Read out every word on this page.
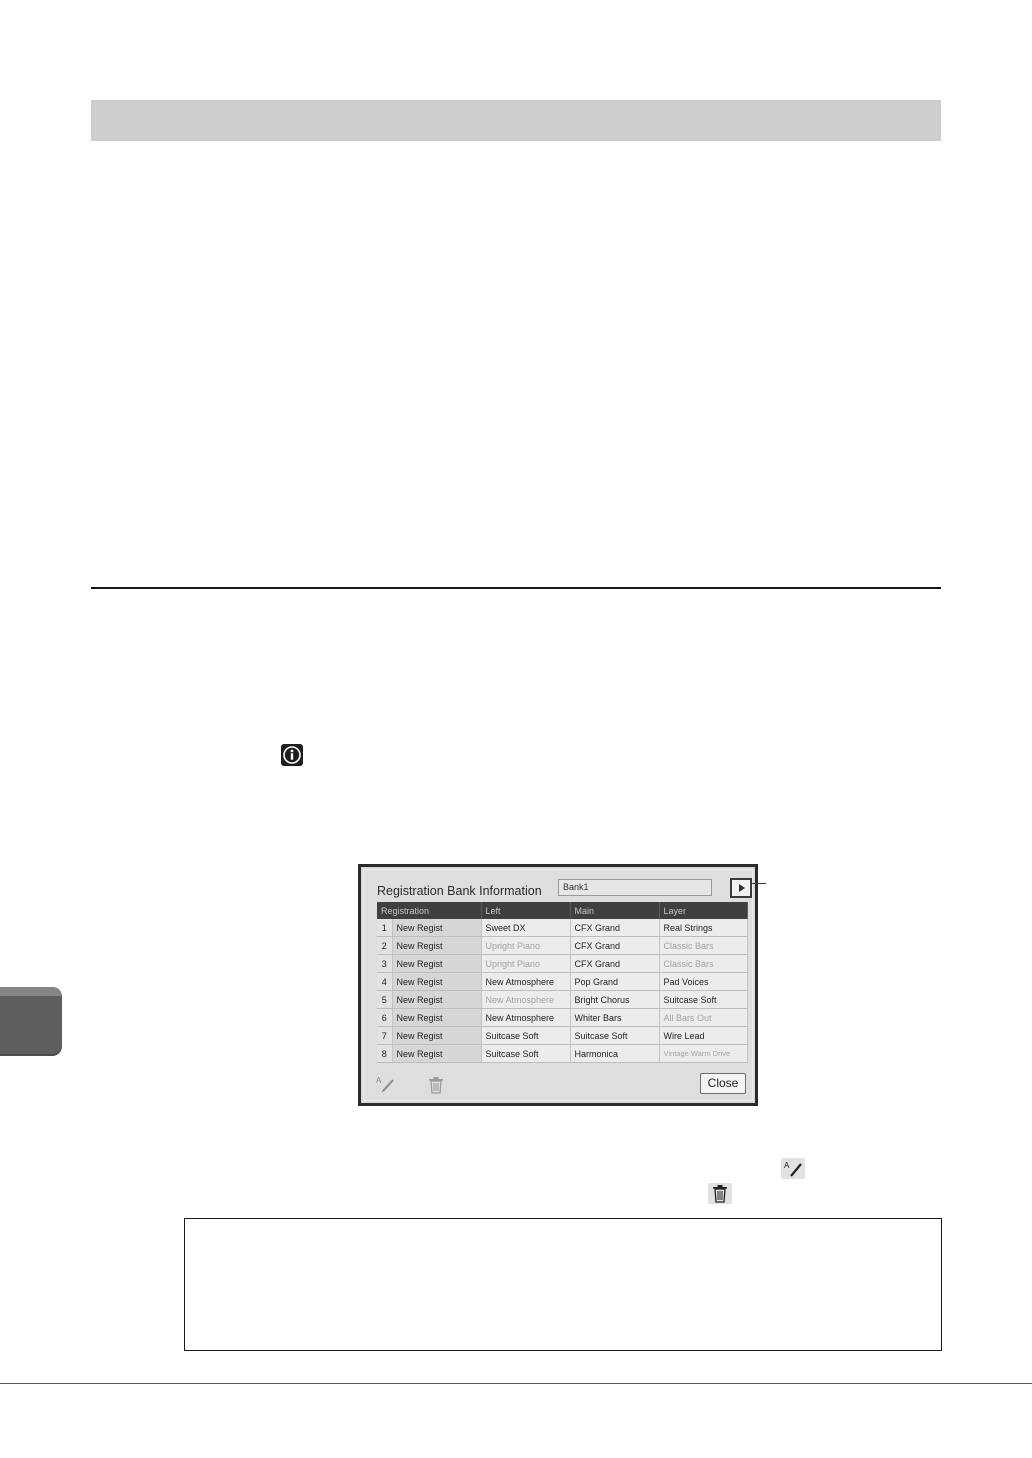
Registration Bank Information	Bank1
Registration		Left	Main	Layer
1	New Regist	Sweet DX	CFX Grand	Real Strings
2	New Regist	Upright Piano	CFX Grand	Classic Bars
3	New Regist	Upright Piano	CFX Grand	Classic Bars
4	New Regist	New Atmosphere	Pop Grand	Pad Voices
5	New Regist	New Atmosphere	Bright Chorus	Suitcase Soft
6	New Regist	New Atmosphere	Whiter Bars	All Bars Out
7	New Regist	Suitcase Soft	Suitcase Soft	Wire Lead
8	New Regist	Suitcase Soft	Harmonica	Vintage Warm Drive
A	Close
A
